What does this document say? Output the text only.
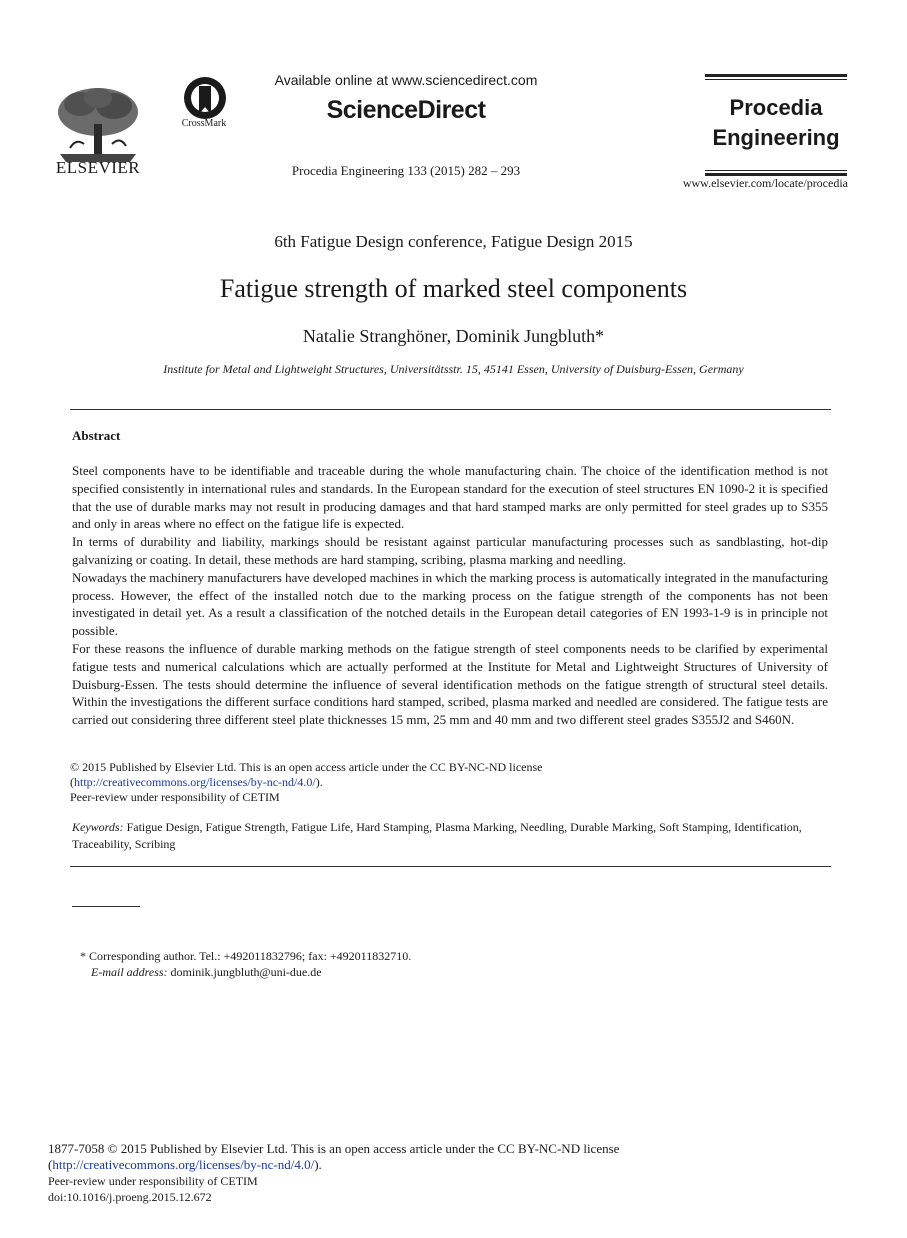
ELSEVIER
CrossMark
Available online at www.sciencedirect.com
ScienceDirect
Procedia Engineering 133 (2015) 282 – 293
Procedia
Engineering
www.elsevier.com/locate/procedia
6th Fatigue Design conference, Fatigue Design 2015
Fatigue strength of marked steel components
Natalie Stranghöner, Dominik Jungbluth*
Institute for Metal and Lightweight Structures, Universitätsstr. 15, 45141 Essen, University of Duisburg-Essen, Germany
Abstract

Steel components have to be identifiable and traceable during the whole manufacturing chain. The choice of the identification method is not specified consistently in international rules and standards. In the European standard for the execution of steel structures EN 1090-2 it is specified that the use of durable marks may not result in producing damages and that hard stamped marks are only permitted for steel grades up to S355 and only in areas where no effect on the fatigue life is expected.

In terms of durability and liability, markings should be resistant against particular manufacturing processes such as sandblasting, hot-dip galvanizing or coating. In detail, these methods are hard stamping, scribing, plasma marking and needling.

Nowadays the machinery manufacturers have developed machines in which the marking process is automatically integrated in the manufacturing process. However, the effect of the installed notch due to the marking process on the fatigue strength of the components has not been investigated in detail yet. As a result a classification of the notched details in the European detail categories of EN 1993-1-9 is in principle not possible.

For these reasons the influence of durable marking methods on the fatigue strength of steel components needs to be clarified by experimental fatigue tests and numerical calculations which are actually performed at the Institute for Metal and Lightweight Structures of University of Duisburg-Essen. The tests should determine the influence of several identification methods on the fatigue strength of structural steel details. Within the investigations the different surface conditions hard stamped, scribed, plasma marked and needled are considered. The fatigue tests are carried out considering three different steel plate thicknesses 15 mm, 25 mm and 40 mm and two different steel grades S355J2 and S460N.

© 2015 Published by Elsevier Ltd. This is an open access article under the CC BY-NC-ND license
(http://creativecommons.org/licenses/by-nc-nd/4.0/).
Peer-review under responsibility of CETIM
Keywords: Fatigue Design, Fatigue Strength, Fatigue Life, Hard Stamping, Plasma Marking, Needling, Durable Marking, Soft Stamping, Identification, Traceability, Scribing
* Corresponding author. Tel.: +492011832796; fax: +492011832710.
E-mail address: dominik.jungbluth@uni-due.de
1877-7058 © 2015 Published by Elsevier Ltd. This is an open access article under the CC BY-NC-ND license
(http://creativecommons.org/licenses/by-nc-nd/4.0/).
Peer-review under responsibility of CETIM
doi:10.1016/j.proeng.2015.12.672
